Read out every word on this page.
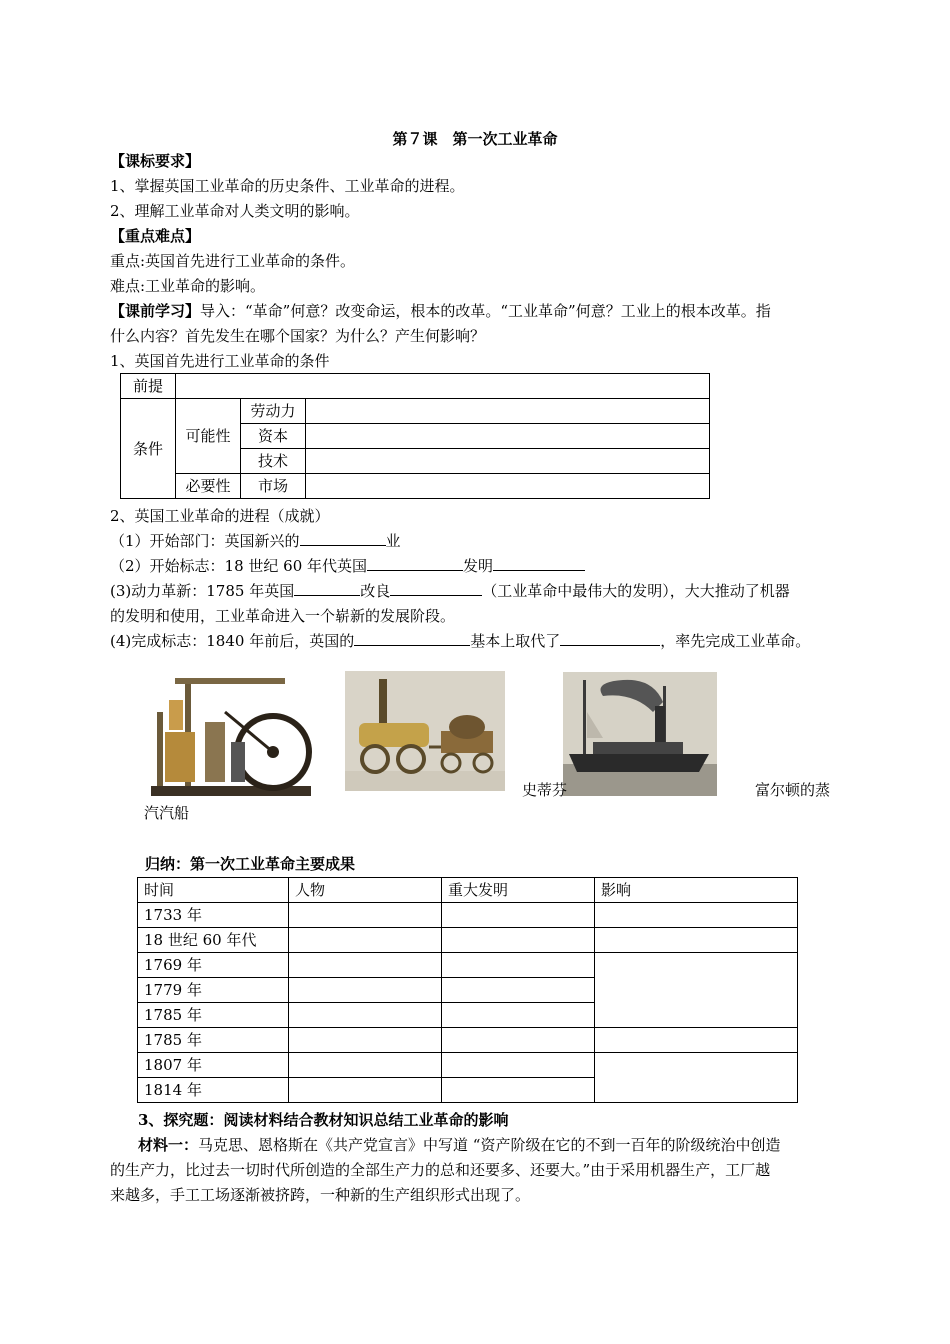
第７课　第一次工业革命
【课标要求】
1、掌握英国工业革命的历史条件、工业革命的进程。
2、理解工业革命对人类文明的影响。
【重点难点】
重点:英国首先进行工业革命的条件。
难点:工业革命的影响。
【课前学习】导入：“革命”何意？改变命运，根本的改革。“工业革命”何意？工业上的根本改革。指
什么内容？首先发生在哪个国家？为什么？产生何影响？
1、英国首先进行工业革命的条件
前提			
条件	可能性	劳动力	
		资本	
		技术	
	必要性	市场	
2、英国工业革命的进程（成就）
（1）开始部门：英国新兴的	业
（2）开始标志：18 世纪 60 年代英国	发明
(3)动力革新：1785 年英国	改良	（工业革命中最伟大的发明），大大推动了机器
的发明和使用，工业革命进入一个崭新的发展阶段。
(4)完成标志：1840 年前后，英国的	基本上取代了	，率先完成工业革命。
史蒂芬	富尔顿的蒸
汽汽船
归纳：第一次工业革命主要成果
时间	人物	重大发明	影响
1733 年			
18 世纪 60 年代			
1769 年			
1779 年			
1785 年			
1785 年			
1807 年			
1814 年			
3、探究题：阅读材料结合教材知识总结工业革命的影响
材料一：马克思、恩格斯在《共产党宣言》中写道 “资产阶级在它的不到一百年的阶级统治中创造
的生产力，比过去一切时代所创造的全部生产力的总和还要多、还要大。”由于采用机器生产，工厂越
来越多，手工工场逐渐被挤跨，一种新的生产组织形式出现了。
